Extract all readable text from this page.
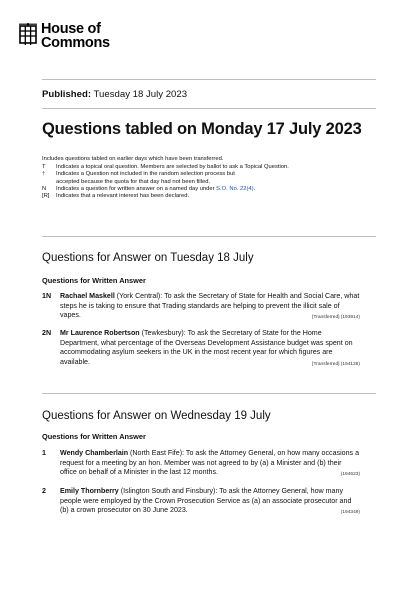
House of
Commons
Published: Tuesday 18 July 2023
Questions tabled on Monday 17 July 2023
Includes questions tabled on earlier days which have been transferred.
T	Indicates a topical oral question. Members are selected by ballot to ask a Topical Question.
†	Indicates a Question not included in the random selection process but accepted because the quota for that day had not been filled.
N	Indicates a question for written answer on a named day under S.O. No. 22(4).
[R]	Indicates that a relevant interest has been declared.
Questions for Answer on Tuesday 18 July
Questions for Written Answer
1N Rachael Maskell (York Central): To ask the Secretary of State for Health and Social Care, what steps he is taking to ensure that Trading standards are helping to prevent the illicit sale of vapes.	[Transferred] (193914)
2N Mr Laurence Robertson (Tewkesbury): To ask the Secretary of State for the Home Department, what percentage of the Overseas Development Assistance budget was spent on accommodating asylum seekers in the UK in the most recent year for which figures are available.	[Transferred] (194136)
Questions for Answer on Wednesday 19 July
Questions for Written Answer
1 Wendy Chamberlain (North East Fife): To ask the Attorney General, on how many occasions a request for a meeting by an hon. Member was not agreed to by (a) a Minister and (b) their office on behalf of a Minister in the last 12 months.	(194623)
2 Emily Thornberry (Islington South and Finsbury): To ask the Attorney General, how many people were employed by the Crown Prosecution Service as (a) an associate prosecutor and (b) a crown prosecutor on 30 June 2023.	(194349)
